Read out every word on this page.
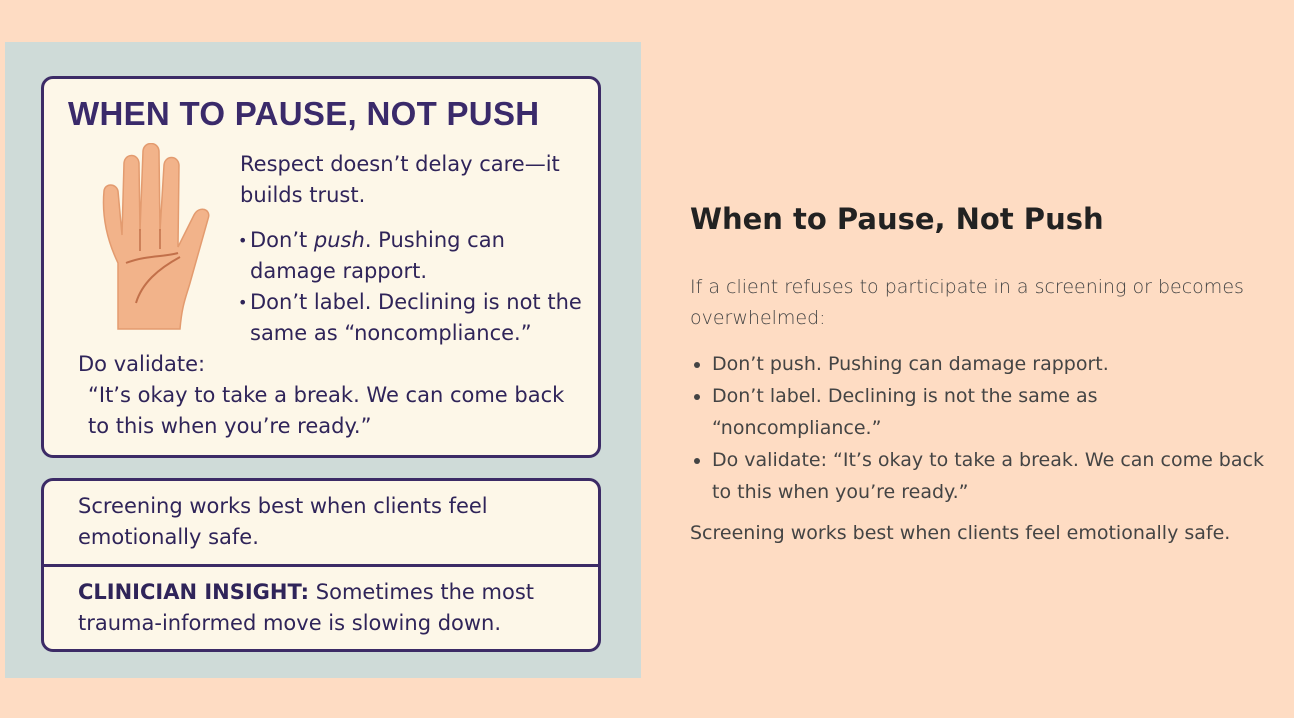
WHEN TO PAUSE, NOT PUSH
Respect doesn’t delay care—it builds trust.
• Don’t push. Pushing can damage rapport.
• Don’t label. Declining is not the same as “noncompliance.”
Do validate:
“It’s okay to take a break. We can come back to this when you’re ready.”
Screening works best when clients feel emotionally safe.
CLINICIAN INSIGHT: Sometimes the most trauma-informed move is slowing down.
When to Pause, Not Push

If a client refuses to participate in a screening or becomes overwhelmed:

• Don’t push. Pushing can damage rapport.
• Don’t label. Declining is not the same as “noncompliance.”
• Do validate: “It’s okay to take a break. We can come back to this when you’re ready.”

Screening works best when clients feel emotionally safe.
